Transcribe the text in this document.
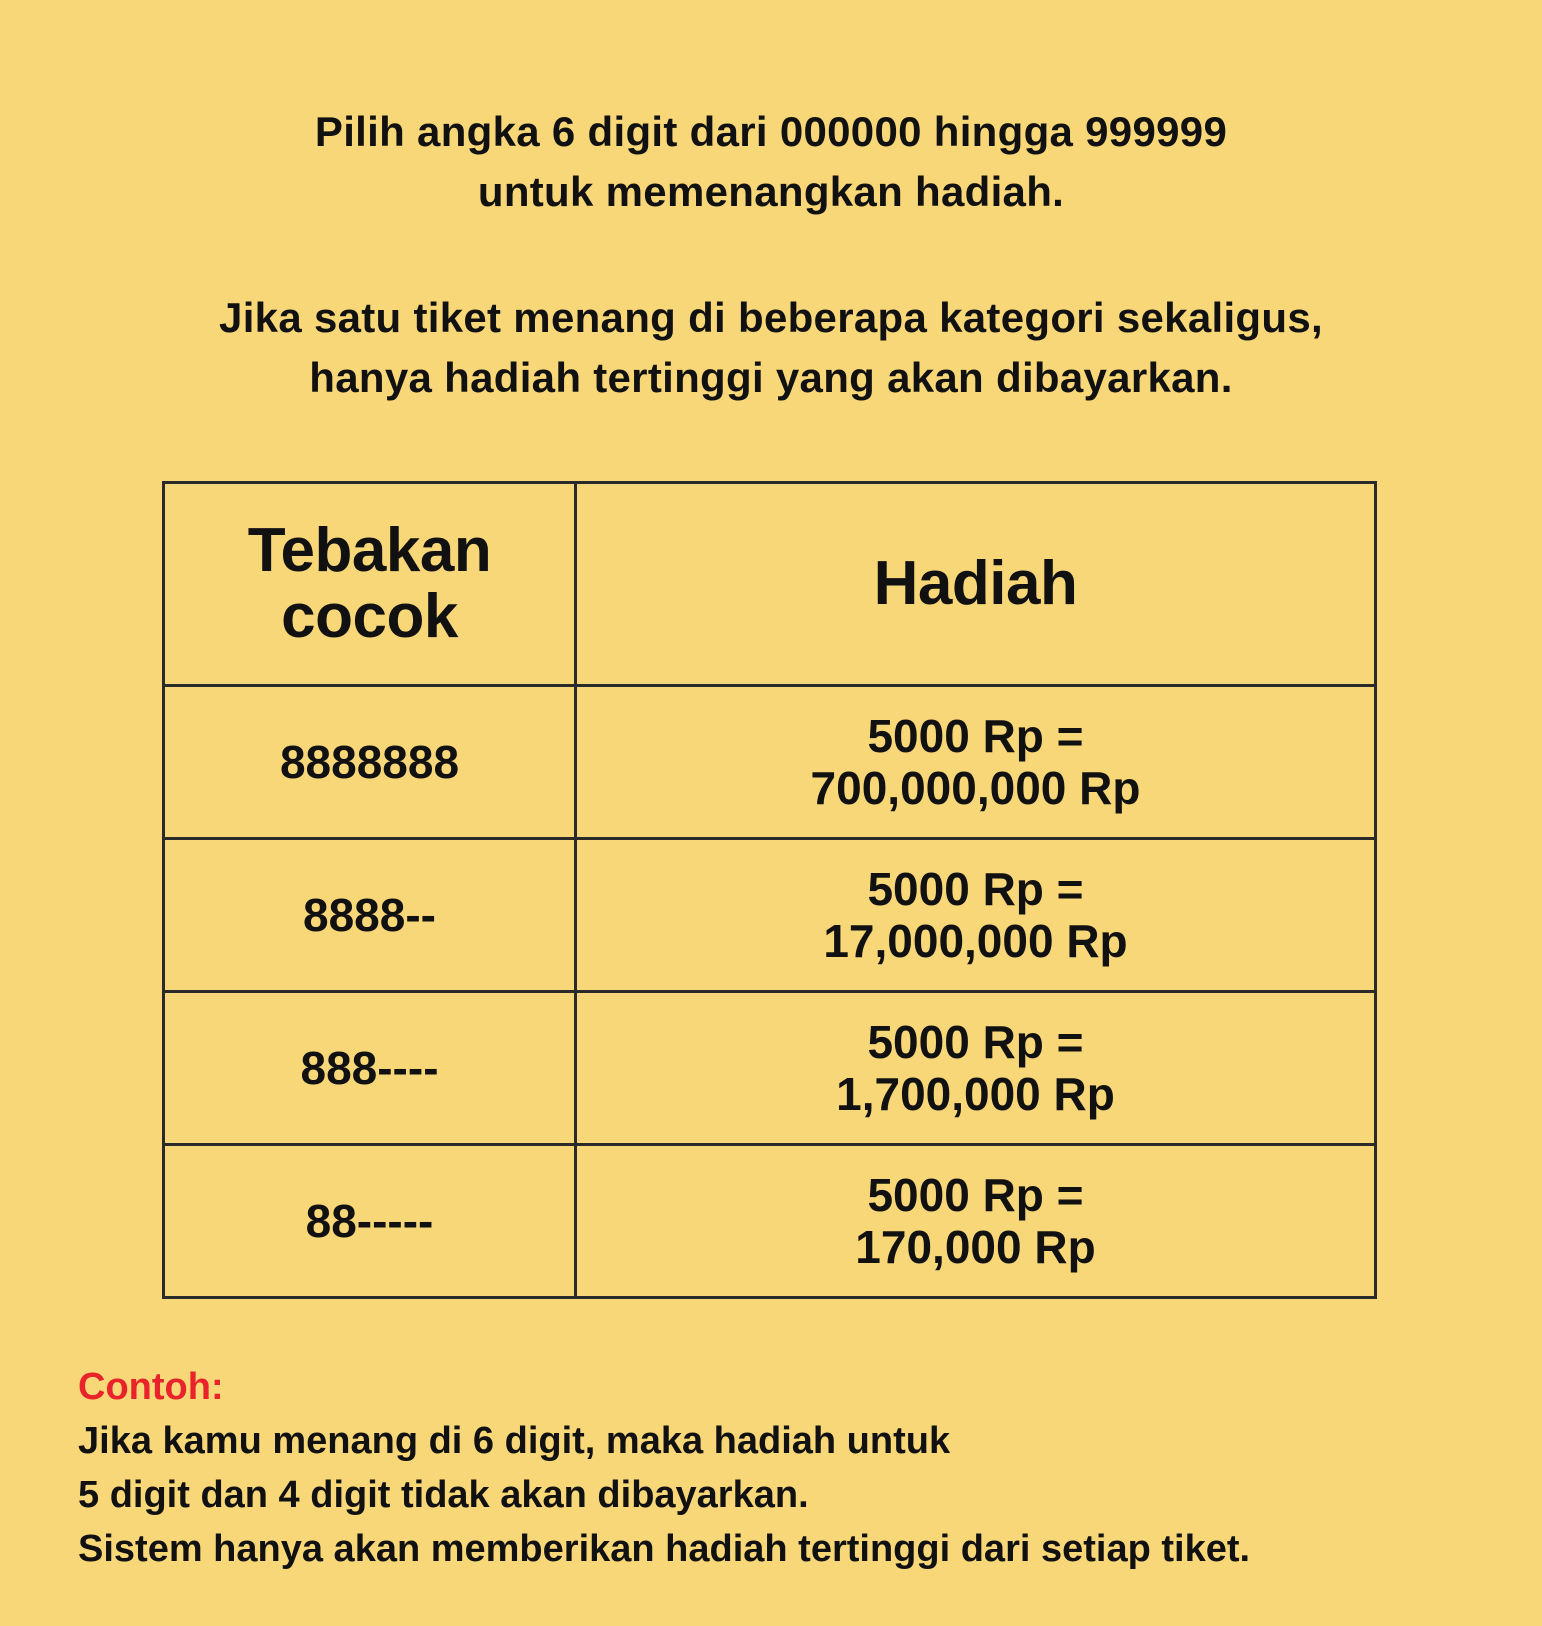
Pilih angka 6 digit dari 000000 hingga 999999
untuk memenangkan hadiah.
Jika satu tiket menang di beberapa kategori sekaligus,
hanya hadiah tertinggi yang akan dibayarkan.
Tebakan
cocok	Hadiah
8888888	5000 Rp =
700,000,000 Rp

8888--	5000 Rp =
17,000,000 Rp

888----	5000 Rp =
1,700,000 Rp

88-----	5000 Rp =
170,000 Rp
Contoh:
Jika kamu menang di 6 digit, maka hadiah untuk
5 digit dan 4 digit tidak akan dibayarkan.
Sistem hanya akan memberikan hadiah tertinggi dari setiap tiket.
